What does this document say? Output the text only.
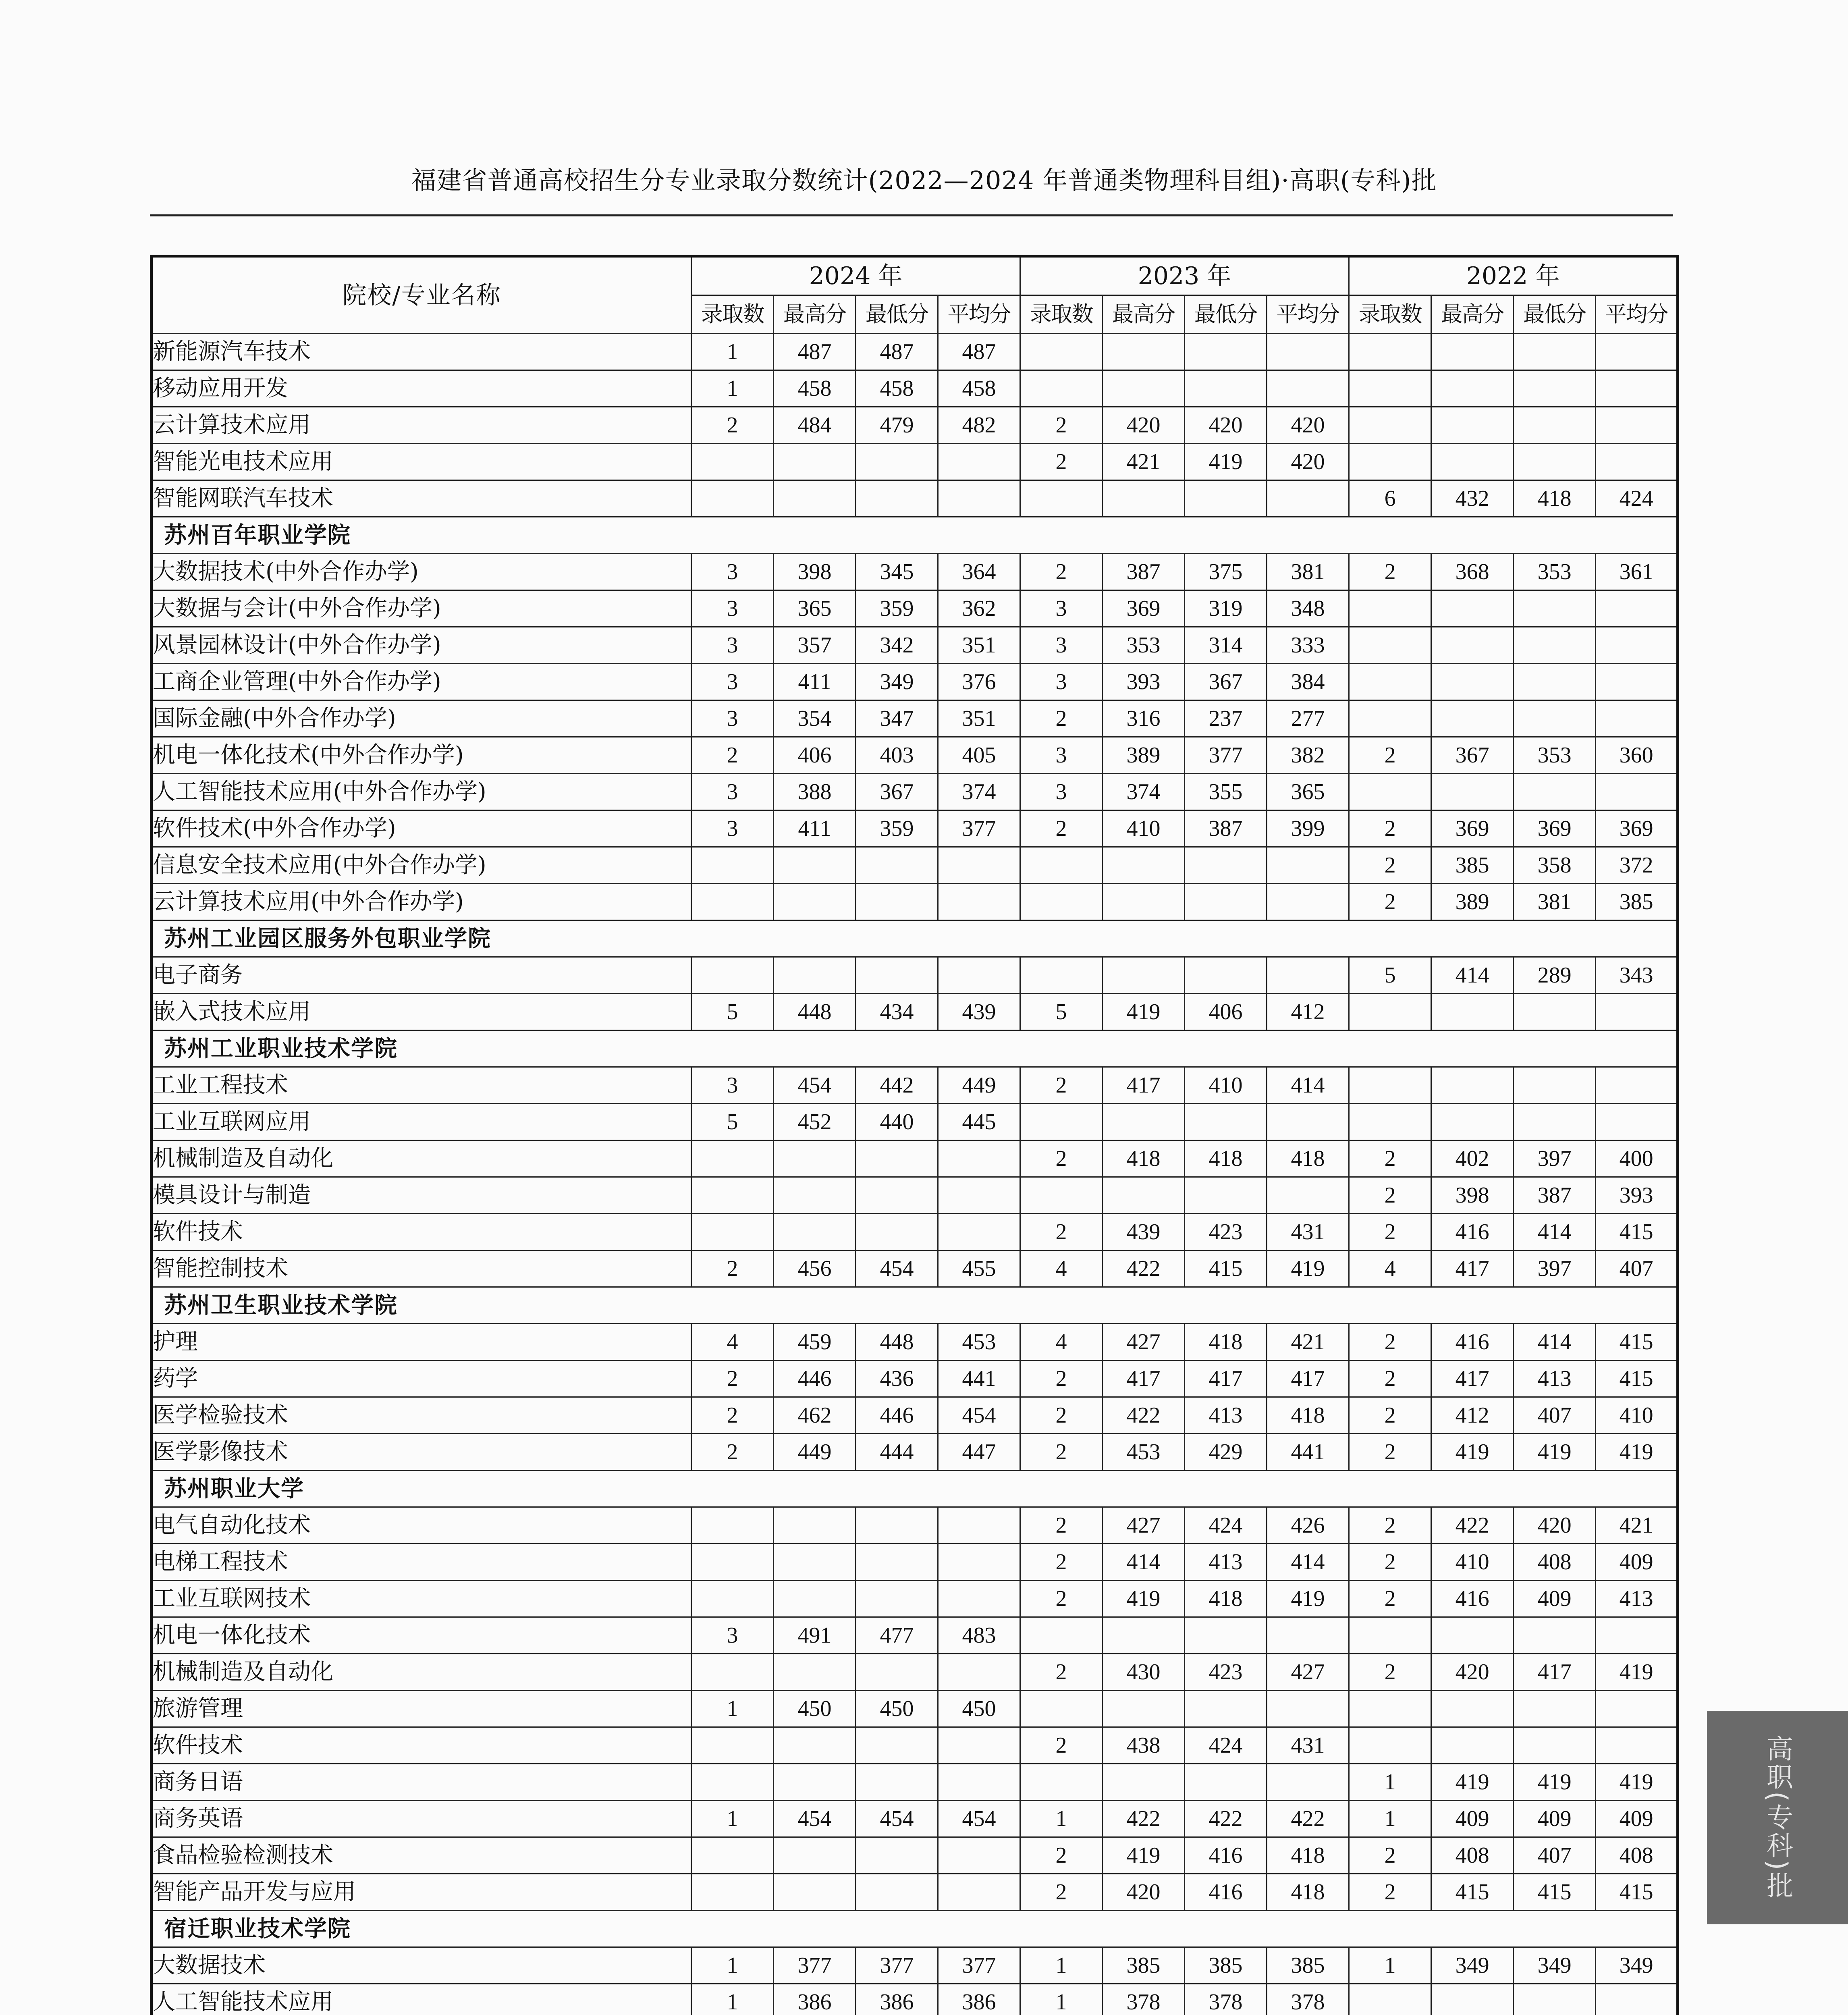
福建省普通高校招生分专业录取分数统计(2022—2024 年普通类物理科目组)·高职(专科)批
院校/专业名称	2024 年				2023 年				2022 年			
	录取数	最高分	最低分	平均分	录取数	最高分	最低分	平均分	录取数	最高分	最低分	平均分
新能源汽车技术	1	487	487	487								
移动应用开发	1	458	458	458								
云计算技术应用	2	484	479	482	2	420	420	420				
智能光电技术应用					2	421	419	420				
智能网联汽车技术									6	432	418	424
苏州百年职业学院												
大数据技术(中外合作办学)	3	398	345	364	2	387	375	381	2	368	353	361
大数据与会计(中外合作办学)	3	365	359	362	3	369	319	348				
风景园林设计(中外合作办学)	3	357	342	351	3	353	314	333				
工商企业管理(中外合作办学)	3	411	349	376	3	393	367	384				
国际金融(中外合作办学)	3	354	347	351	2	316	237	277				
机电一体化技术(中外合作办学)	2	406	403	405	3	389	377	382	2	367	353	360
人工智能技术应用(中外合作办学)	3	388	367	374	3	374	355	365				
软件技术(中外合作办学)	3	411	359	377	2	410	387	399	2	369	369	369
信息安全技术应用(中外合作办学)									2	385	358	372
云计算技术应用(中外合作办学)									2	389	381	385
苏州工业园区服务外包职业学院												
电子商务									5	414	289	343
嵌入式技术应用	5	448	434	439	5	419	406	412				
苏州工业职业技术学院												
工业工程技术	3	454	442	449	2	417	410	414				
工业互联网应用	5	452	440	445								
机械制造及自动化					2	418	418	418	2	402	397	400
模具设计与制造									2	398	387	393
软件技术					2	439	423	431	2	416	414	415
智能控制技术	2	456	454	455	4	422	415	419	4	417	397	407
苏州卫生职业技术学院												
护理	4	459	448	453	4	427	418	421	2	416	414	415
药学	2	446	436	441	2	417	417	417	2	417	413	415
医学检验技术	2	462	446	454	2	422	413	418	2	412	407	410
医学影像技术	2	449	444	447	2	453	429	441	2	419	419	419
苏州职业大学												
电气自动化技术					2	427	424	426	2	422	420	421
电梯工程技术					2	414	413	414	2	410	408	409
工业互联网技术					2	419	418	419	2	416	409	413
机电一体化技术	3	491	477	483								
机械制造及自动化					2	430	423	427	2	420	417	419
旅游管理	1	450	450	450								
软件技术					2	438	424	431				
商务日语									1	419	419	419
商务英语	1	454	454	454	1	422	422	422	1	409	409	409
食品检验检测技术					2	419	416	418	2	408	407	408
智能产品开发与应用					2	420	416	418	2	415	415	415
宿迁职业技术学院												
大数据技术	1	377	377	377	1	385	385	385	1	349	349	349
人工智能技术应用	1	386	386	386	1	378	378	378				

高职(专科)批
